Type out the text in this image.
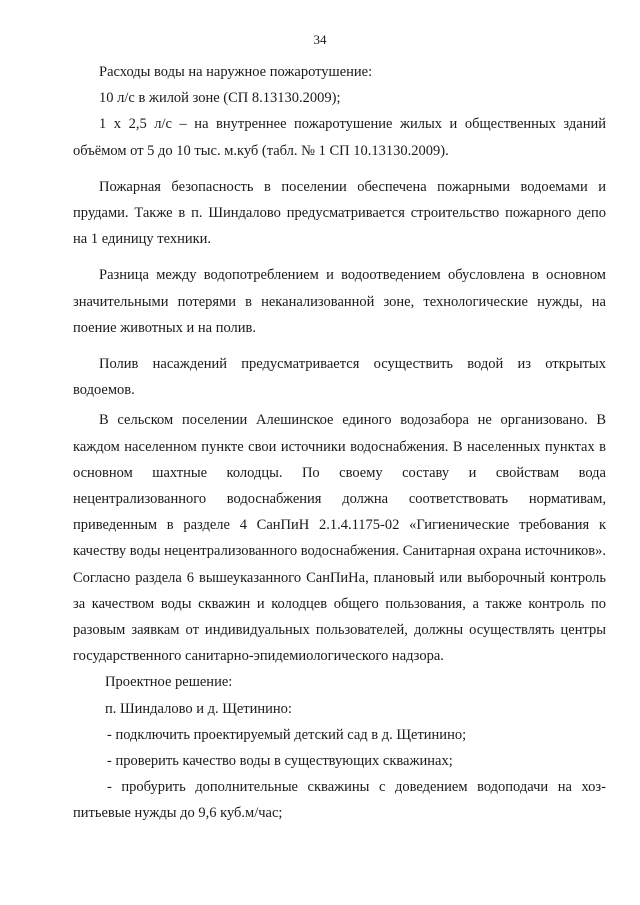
34

Расходы воды на наружное пожаротушение:

10 л/с в жилой зоне (СП 8.13130.2009);

1 х 2,5 л/с – на внутреннее пожаротушение жилых и общественных зданий объёмом от 5 до 10 тыс. м.куб (табл. № 1 СП 10.13130.2009).

Пожарная безопасность в поселении обеспечена пожарными водоемами и прудами. Также в п. Шиндалово предусматривается строительство пожарного депо на 1 единицу техники.

Разница между водопотреблением и водоотведением обусловлена в основном значительными потерями в неканализованной зоне, технологические нужды, на поение животных и на полив.

Полив насаждений предусматривается осуществить водой из открытых водоемов.

В сельском поселении Алешинское единого водозабора не организовано. В каждом населенном пункте свои источники водоснабжения. В населенных пунктах в основном шахтные колодцы. По своему составу и свойствам вода нецентрализованного водоснабжения должна соответствовать нормативам, приведенным в разделе 4 СанПиН 2.1.4.1175-02 «Гигиенические требования к качеству воды нецентрализованного водоснабжения. Санитарная охрана источников». Согласно раздела 6 вышеуказанного СанПиНа, плановый или выборочный контроль за качеством воды скважин и колодцев общего пользования, а также контроль по разовым заявкам от индивидуальных пользователей, должны осуществлять центры государственного санитарно-эпидемиологического надзора.

Проектное решение:

п. Шиндалово и д. Щетинино:

- подключить проектируемый детский сад в д. Щетинино;

- проверить качество воды в существующих скважинах;

- пробурить дополнительные скважины с доведением водоподачи на хоз-питьевые нужды до 9,6 куб.м/час;
